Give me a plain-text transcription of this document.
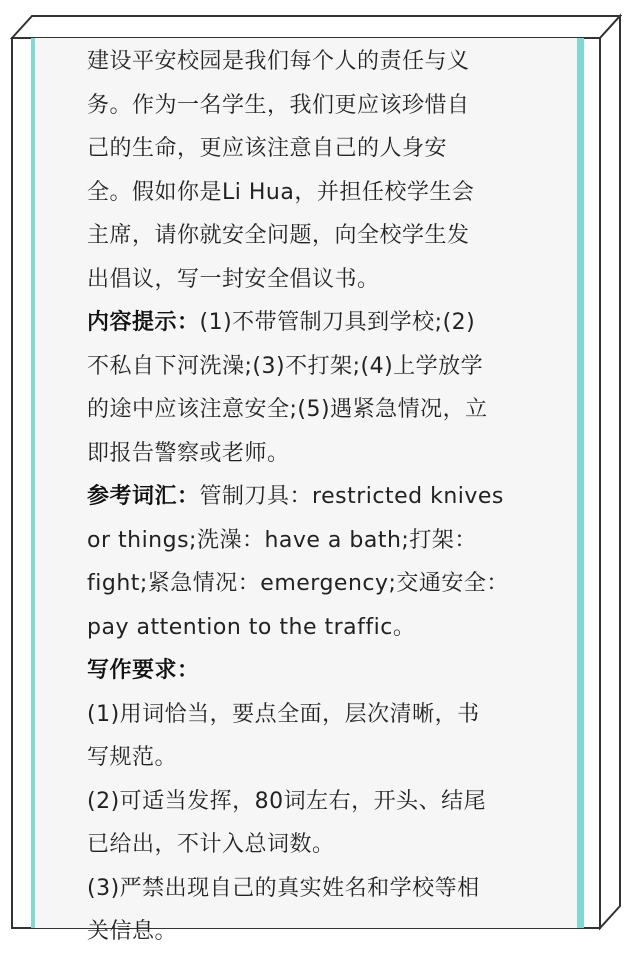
建设平安校园是我们每个人的责任与义

务。作为一名学生，我们更应该珍惜自

己的生命，更应该注意自己的人身安

全。假如你是Li Hua，并担任校学生会

主席，请你就安全问题，向全校学生发

出倡议，写一封安全倡议书。

内容提示：(1)不带管制刀具到学校;(2)

不私自下河洗澡;(3)不打架;(4)上学放学

的途中应该注意安全;(5)遇紧急情况，立

即报告警察或老师。

参考词汇：管制刀具：restricted knives

or things;洗澡：have a bath;打架：

fight;紧急情况：emergency;交通安全：

pay attention to the traffic。

写作要求：

(1)用词恰当，要点全面，层次清晰，书

写规范。

(2)可适当发挥，80词左右，开头、结尾

已给出，不计入总词数。

(3)严禁出现自己的真实姓名和学校等相

关信息。
